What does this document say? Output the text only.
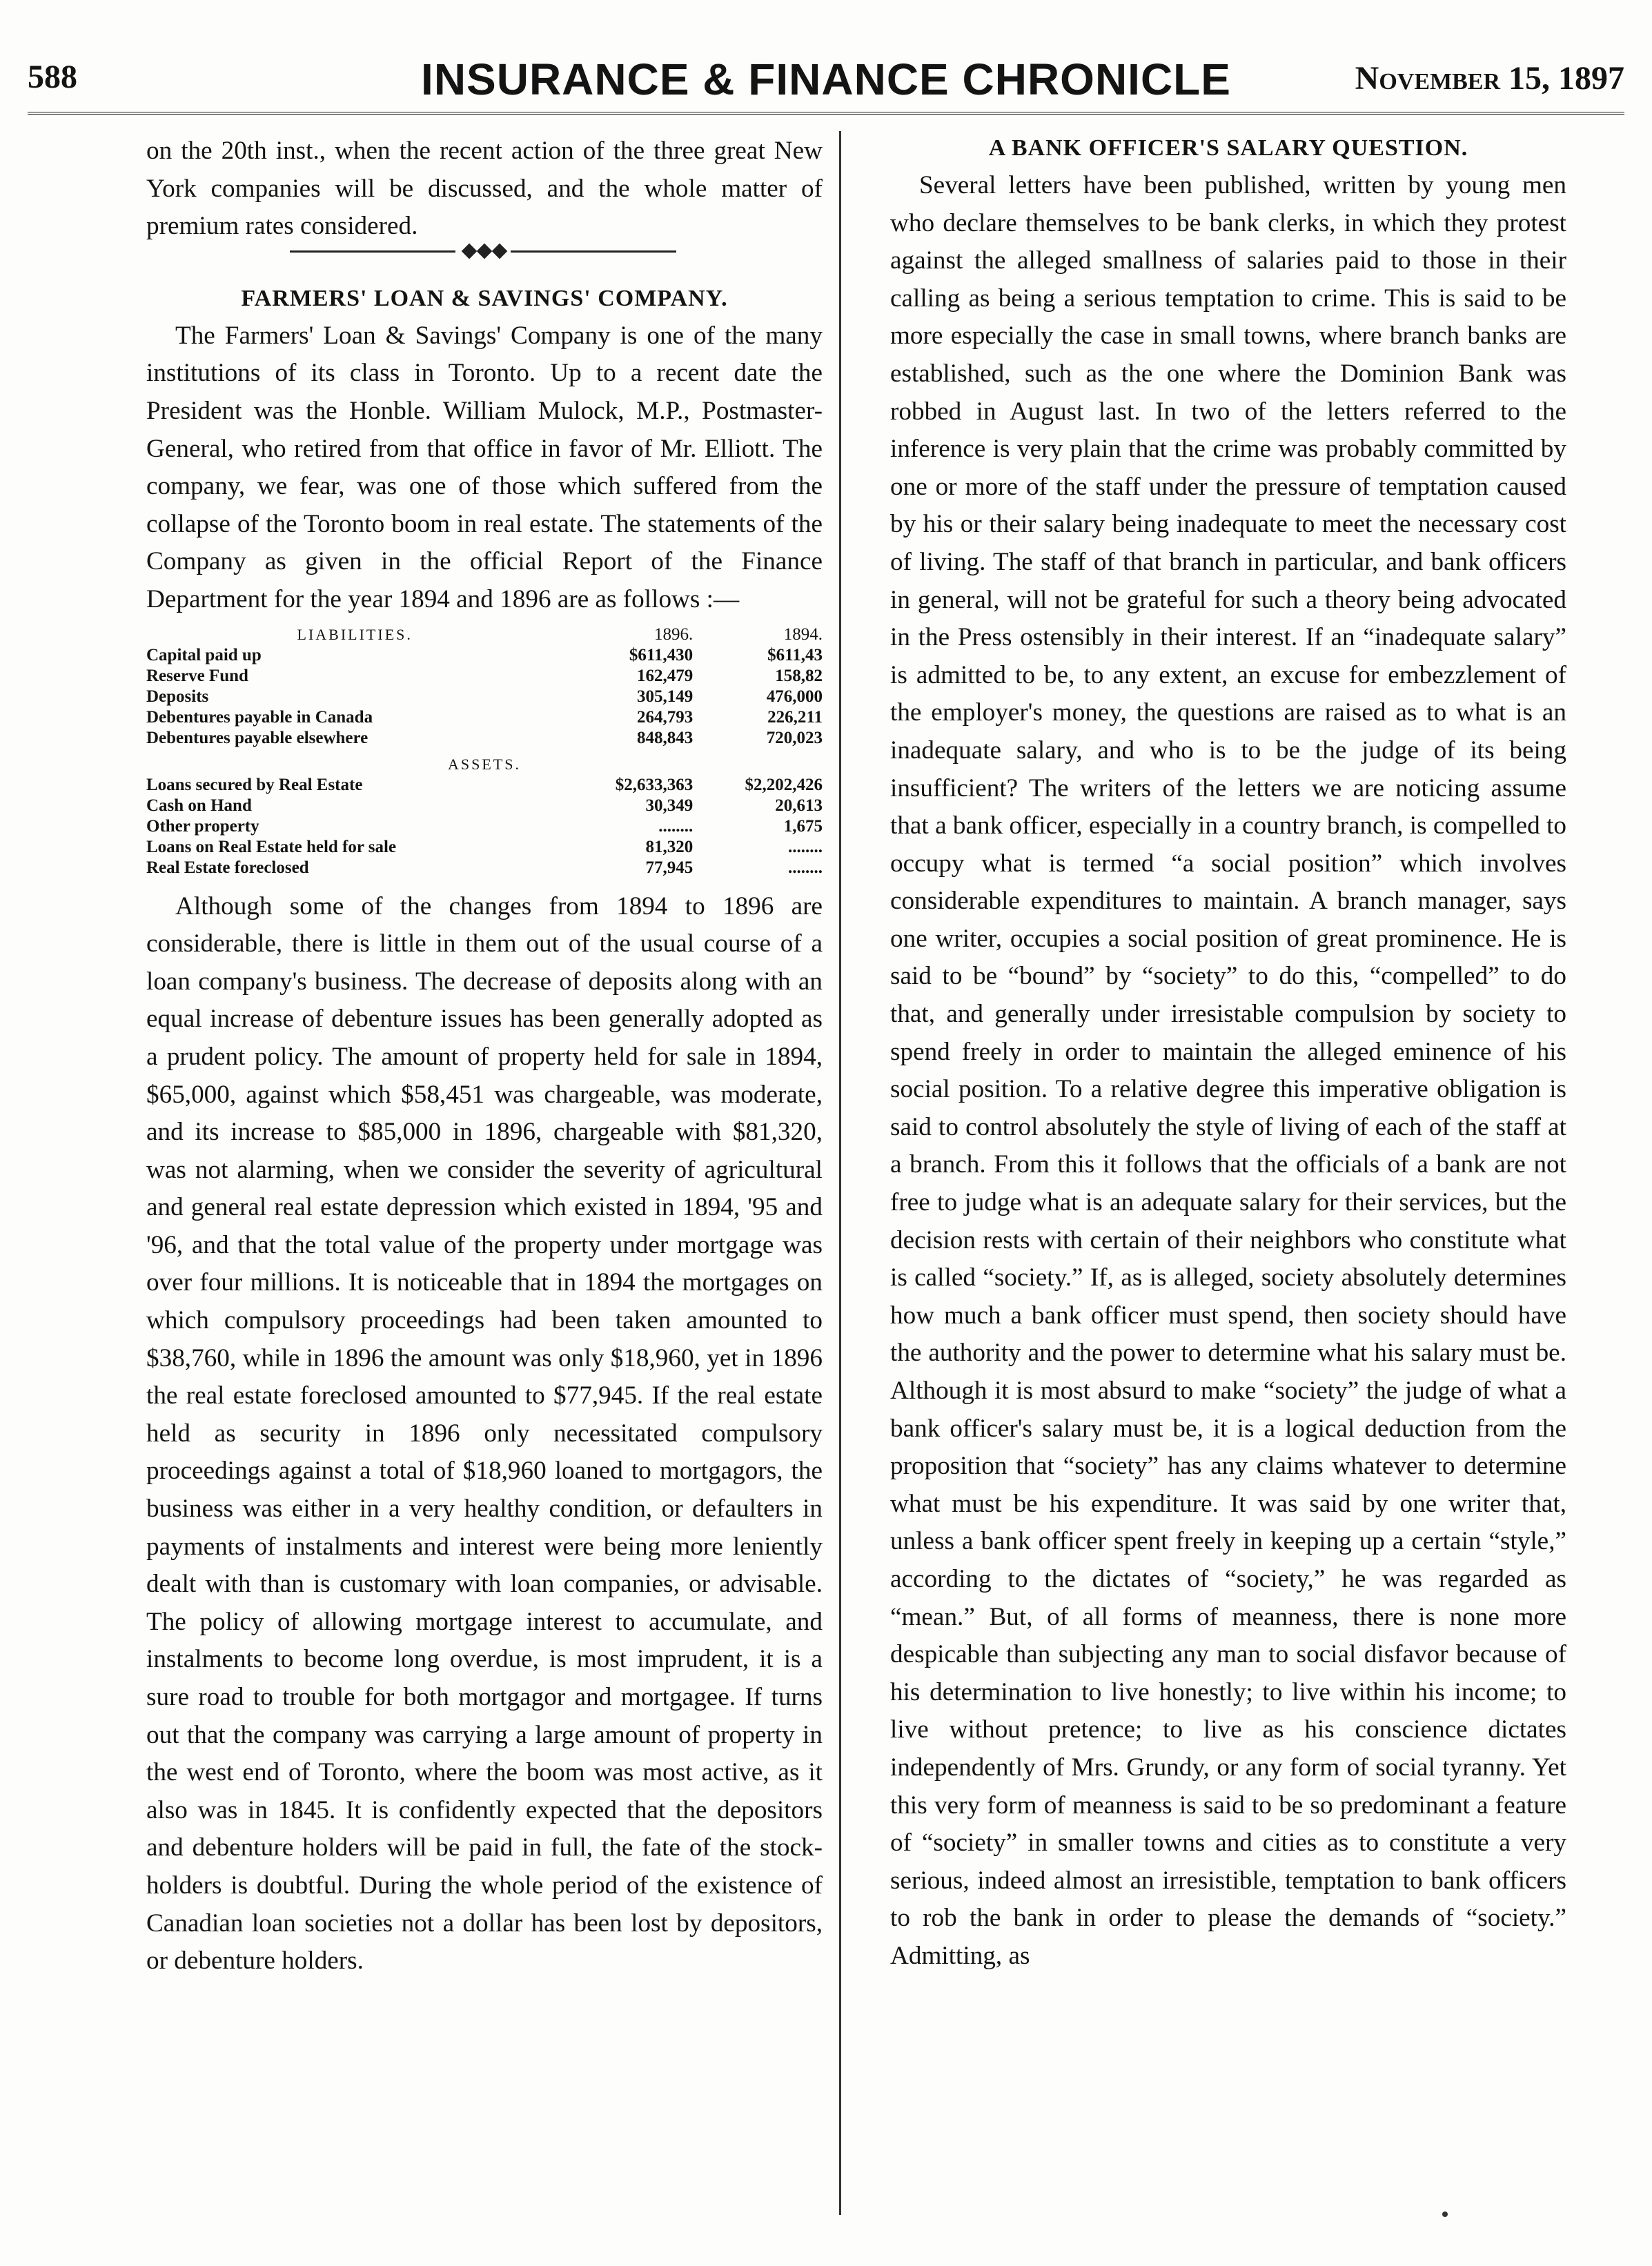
588	INSURANCE & FINANCE CHRONICLE	November 15, 1897

on the 20th inst., when the recent action of the three great New York companies will be discussed, and the whole matter of premium rates considered.

FARMERS' LOAN & SAVINGS' COMPANY.

The Farmers' Loan & Savings' Company is one of the many institutions of its class in Toronto. Up to a recent date the President was the Honble. William Mulock, M.P., Postmaster-General, who retired from that office in favor of Mr. Elliott. The company, we fear, was one of those which suffered from the collapse of the Toronto boom in real estate. The statements of the Company as given in the official Report of the Finance Department for the year 1894 and 1896 are as follows :—

LIABILITIES.	1896.	1894.
Capital paid up	$611,430	$611,43
Reserve Fund	162,479	158,82
Deposits	305,149	476,000
Debentures payable in Canada	264,793	226,211
Debentures payable elsewhere	848,843	720,023
ASSETS.		
Loans secured by Real Estate	$2,633,363	$2,202,426
Cash on Hand	30,349	20,613
Other property	........	1,675
Loans on Real Estate held for sale	81,320	........
Real Estate foreclosed	77,945	........

Although some of the changes from 1894 to 1896 are considerable, there is little in them out of the usual course of a loan company's business. The decrease of deposits along with an equal increase of debenture issues has been generally adopted as a prudent policy. The amount of property held for sale in 1894, $65,000, against which $58,451 was chargeable, was moderate, and its increase to $85,000 in 1896, chargeable with $81,320, was not alarming, when we consider the severity of agricultural and general real estate depression which existed in 1894, '95 and '96, and that the total value of the property under mortgage was over four millions. It is noticeable that in 1894 the mortgages on which compulsory proceedings had been taken amounted to $38,760, while in 1896 the amount was only $18,960, yet in 1896 the real estate foreclosed amounted to $77,945. If the real estate held as security in 1896 only necessitated compulsory proceedings against a total of $18,960 loaned to mortgagors, the business was either in a very healthy condition, or defaulters in payments of instalments and interest were being more leniently dealt with than is customary with loan companies, or advisable. The policy of allowing mortgage interest to accumulate, and instalments to become long overdue, is most imprudent, it is a sure road to trouble for both mortgagor and mortgagee. If turns out that the company was carrying a large amount of property in the west end of Toronto, where the boom was most active, as it also was in 1845. It is confidently expected that the depositors and debenture holders will be paid in full, the fate of the stock-holders is doubtful. During the whole period of the existence of Canadian loan societies not a dollar has been lost by depositors, or debenture holders.

A BANK OFFICER'S SALARY QUESTION.

Several letters have been published, written by young men who declare themselves to be bank clerks, in which they protest against the alleged smallness of salaries paid to those in their calling as being a serious temptation to crime. This is said to be more especially the case in small towns, where branch banks are established, such as the one where the Dominion Bank was robbed in August last. In two of the letters referred to the inference is very plain that the crime was probably committed by one or more of the staff under the pressure of temptation caused by his or their salary being inadequate to meet the necessary cost of living. The staff of that branch in particular, and bank officers in general, will not be grateful for such a theory being advocated in the Press ostensibly in their interest. If an “inadequate salary” is admitted to be, to any extent, an excuse for embezzlement of the employer's money, the questions are raised as to what is an inadequate salary, and who is to be the judge of its being insufficient? The writers of the letters we are noticing assume that a bank officer, especially in a country branch, is compelled to occupy what is termed “a social position” which involves considerable expenditures to maintain. A branch manager, says one writer, occupies a social position of great prominence. He is said to be “bound” by “society” to do this, “compelled” to do that, and generally under irresistable compulsion by society to spend freely in order to maintain the alleged eminence of his social position. To a relative degree this imperative obligation is said to control absolutely the style of living of each of the staff at a branch. From this it follows that the officials of a bank are not free to judge what is an adequate salary for their services, but the decision rests with certain of their neighbors who constitute what is called “society.” If, as is alleged, society absolutely determines how much a bank officer must spend, then society should have the authority and the power to determine what his salary must be. Although it is most absurd to make “society” the judge of what a bank officer's salary must be, it is a logical deduction from the proposition that “society” has any claims whatever to determine what must be his expenditure. It was said by one writer that, unless a bank officer spent freely in keeping up a certain “style,” according to the dictates of “society,” he was regarded as “mean.” But, of all forms of meanness, there is none more despicable than subjecting any man to social disfavor because of his determination to live honestly; to live within his income; to live without pretence; to live as his conscience dictates independently of Mrs. Grundy, or any form of social tyranny. Yet this very form of meanness is said to be so predominant a feature of “society” in smaller towns and cities as to constitute a very serious, indeed almost an irresistible, temptation to bank officers to rob the bank in order to please the demands of “society.” Admitting, as
